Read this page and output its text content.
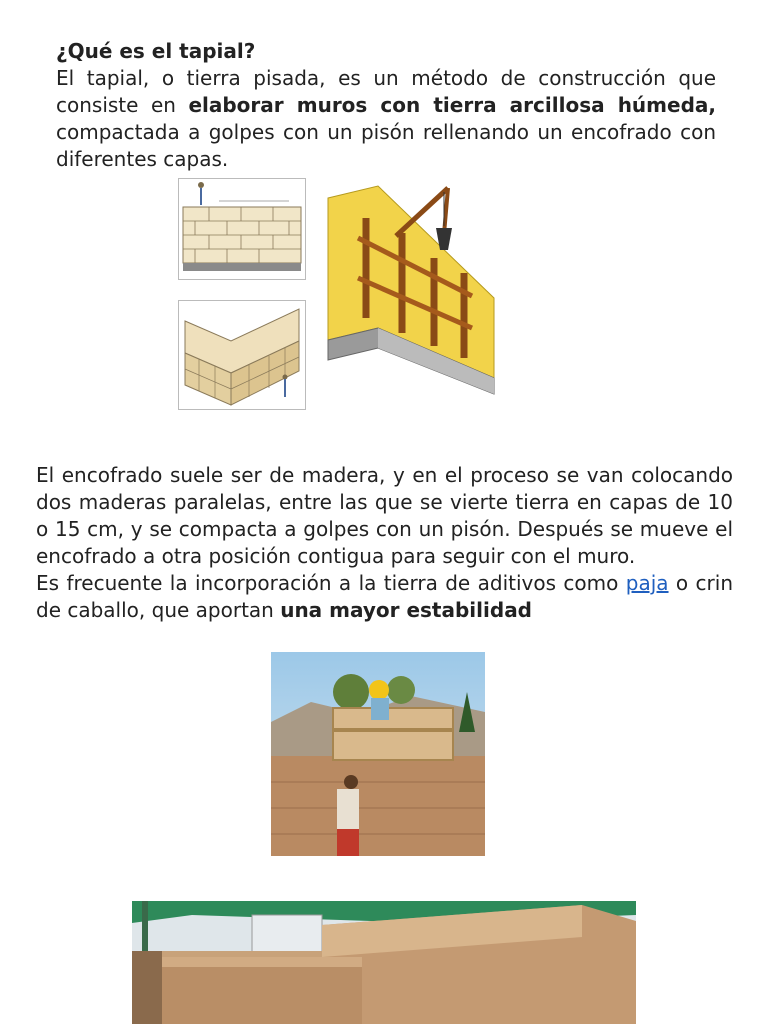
¿Qué es el tapial?
El tapial, o tierra pisada, es un método de construcción que consiste en elaborar muros con tierra arcillosa húmeda, compactada a golpes con un pisón rellenando un encofrado con diferentes capas.
El encofrado suele ser de madera, y en el proceso se van colocando dos maderas paralelas, entre las que se vierte tierra en capas de 10 o 15 cm, y se compacta a golpes con un pisón. Después se mueve el encofrado a otra posición contigua para seguir con el muro.
Es frecuente la incorporación a la tierra de aditivos como paja o crin de caballo, que aportan una mayor estabilidad
